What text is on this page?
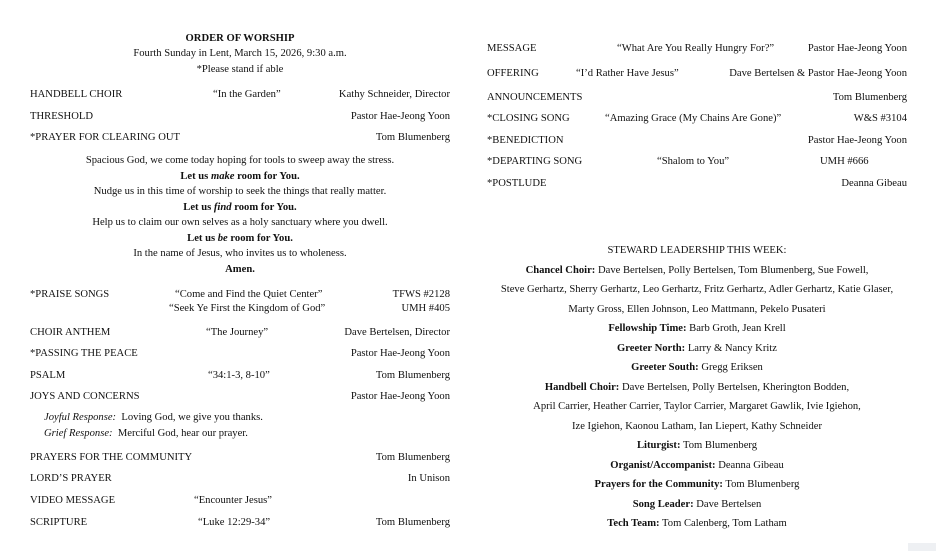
ORDER OF WORSHIP
Fourth Sunday in Lent, March 15, 2026, 9:30 a.m.
*Please stand if able
HANDBELL CHOIR	“In the Garden”	Kathy Schneider, Director
THRESHOLD	Pastor Hae-Jeong Yoon
*PRAYER FOR CLEARING OUT	Tom Blumenberg
Spacious God, we come today hoping for tools to sweep away the stress.
Let us make room for You.
Nudge us in this time of worship to seek the things that really matter.
Let us find room for You.
Help us to claim our own selves as a holy sanctuary where you dwell.
Let us be room for You.
In the name of Jesus, who invites us to wholeness.
Amen.
*PRAISE SONGS	“Come and Find the Quiet Center”	TFWS #2128
“Seek Ye First the Kingdom of God”	UMH #405
CHOIR ANTHEM	“The Journey”	Dave Bertelsen, Director
*PASSING THE PEACE	Pastor Hae-Jeong Yoon
PSALM	“34:1-3, 8-10”	Tom Blumenberg
JOYS AND CONCERNS	Pastor Hae-Jeong Yoon
Joyful Response: Loving God, we give you thanks.
Grief Response: Merciful God, hear our prayer.
PRAYERS FOR THE COMMUNITY	Tom Blumenberg
LORD’S PRAYER	In Unison
VIDEO MESSAGE	“Encounter Jesus”
SCRIPTURE	“Luke 12:29-34”	Tom Blumenberg
MESSAGE	“What Are You Really Hungry For?”	Pastor Hae-Jeong Yoon
OFFERING	“I’d Rather Have Jesus”	Dave Bertelsen & Pastor Hae-Jeong Yoon
ANNOUNCEMENTS	Tom Blumenberg
*CLOSING SONG	“Amazing Grace (My Chains Are Gone)”	W&S #3104
*BENEDICTION	Pastor Hae-Jeong Yoon
*DEPARTING SONG	“Shalom to You”	UMH #666
*POSTLUDE	Deanna Gibeau
STEWARD LEADERSHIP THIS WEEK:
Chancel Choir: Dave Bertelsen, Polly Bertelsen, Tom Blumenberg, Sue Fowell,
Steve Gerhartz, Sherry Gerhartz, Leo Gerhartz, Fritz Gerhartz, Adler Gerhartz, Katie Glaser,
Marty Gross, Ellen Johnson, Leo Mattmann, Pekelo Pusateri
Fellowship Time: Barb Groth, Jean Krell
Greeter North: Larry & Nancy Kritz
Greeter South: Gregg Eriksen
Handbell Choir: Dave Bertelsen, Polly Bertelsen, Kherington Bodden,
April Carrier, Heather Carrier, Taylor Carrier, Margaret Gawlik, Ivie Igiehon,
Ize Igiehon, Kaonou Latham, Ian Liepert, Kathy Schneider
Liturgist: Tom Blumenberg
Organist/Accompanist: Deanna Gibeau
Prayers for the Community: Tom Blumenberg
Song Leader: Dave Bertelsen
Tech Team: Tom Calenberg, Tom Latham
